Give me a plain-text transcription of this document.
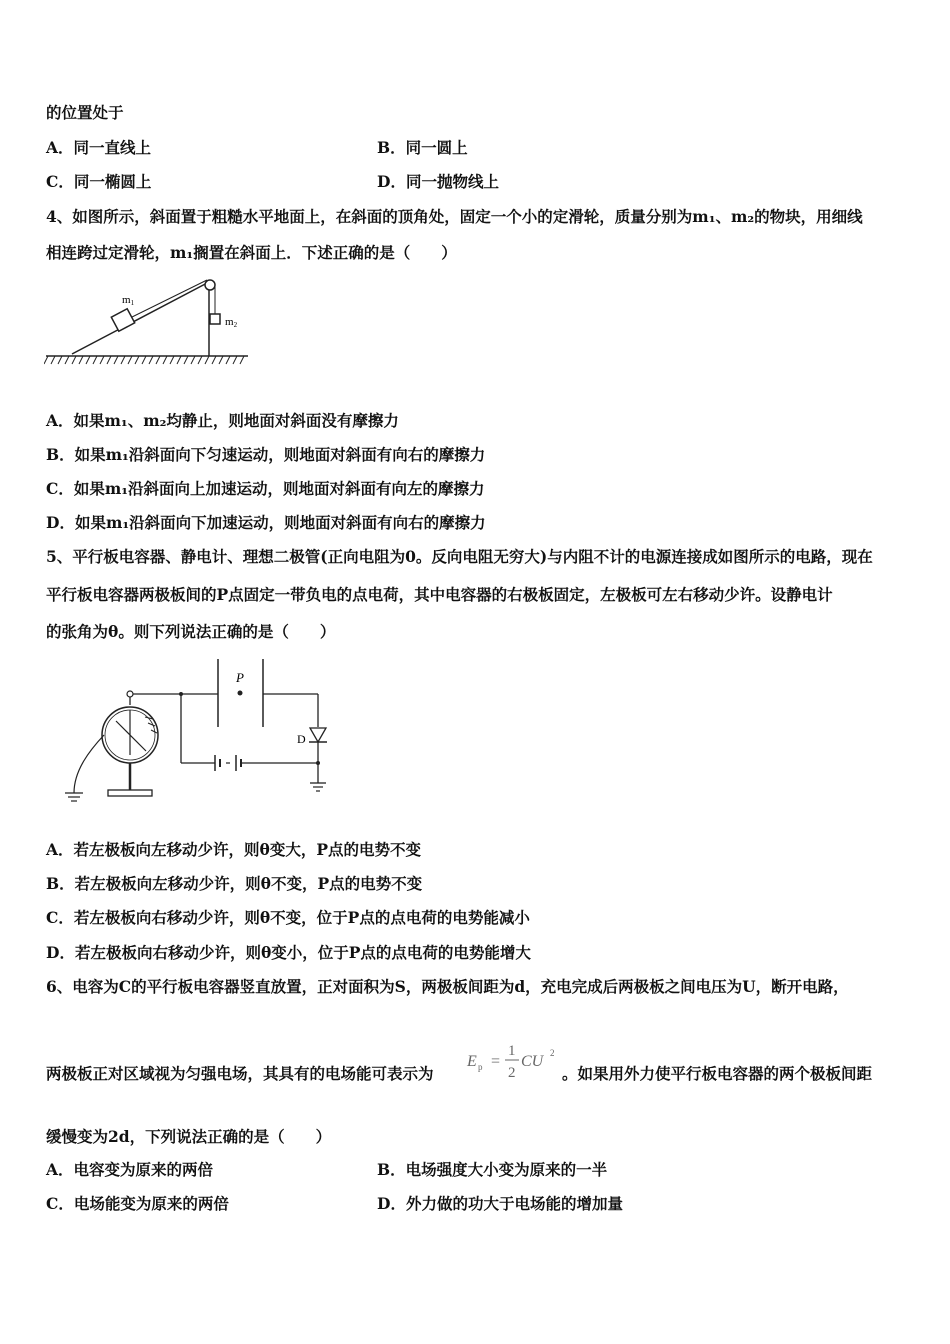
的位置处于
A．同一直线上	B．同一圆上
C．同一椭圆上	D．同一抛物线上
4、如图所示，斜面置于粗糙水平地面上，在斜面的顶角处，固定一个小的定滑轮，质量分别为m₁、m₂的物块，用细线
相连跨过定滑轮，m₁搁置在斜面上．下述正确的是（　　）
m1
m2
A．如果m₁、m₂均静止，则地面对斜面没有摩擦力
B．如果m₁沿斜面向下匀速运动，则地面对斜面有向右的摩擦力
C．如果m₁沿斜面向上加速运动，则地面对斜面有向左的摩擦力
D．如果m₁沿斜面向下加速运动，则地面对斜面有向右的摩擦力
5、平行板电容器、静电计、理想二极管(正向电阻为0。反向电阻无穷大)与内阻不计的电源连接成如图所示的电路，现在
平行板电容器两极板间的P点固定一带负电的点电荷，其中电容器的右极板固定，左极板可左右移动少许。设静电计
的张角为θ。则下列说法正确的是（　　）
P
D
A．若左极板向左移动少许，则θ变大，P点的电势不变
B．若左极板向左移动少许，则θ不变，P点的电势不变
C．若左极板向右移动少许，则θ不变，位于P点的点电荷的电势能减小
D．若左极板向右移动少许，则θ变小，位于P点的点电荷的电势能增大
6、电容为C的平行板电容器竖直放置，正对面积为S，两极板间距为d，充电完成后两极板之间电压为U，断开电路，
两极板正对区域视为匀强电场，其具有的电场能可表示为
E p =
1
2
CU 2
。如果用外力使平行板电容器的两个极板间距
缓慢变为2d，下列说法正确的是（　　）
A．电容变为原来的两倍	B．电场强度大小变为原来的一半
C．电场能变为原来的两倍	D．外力做的功大于电场能的增加量
